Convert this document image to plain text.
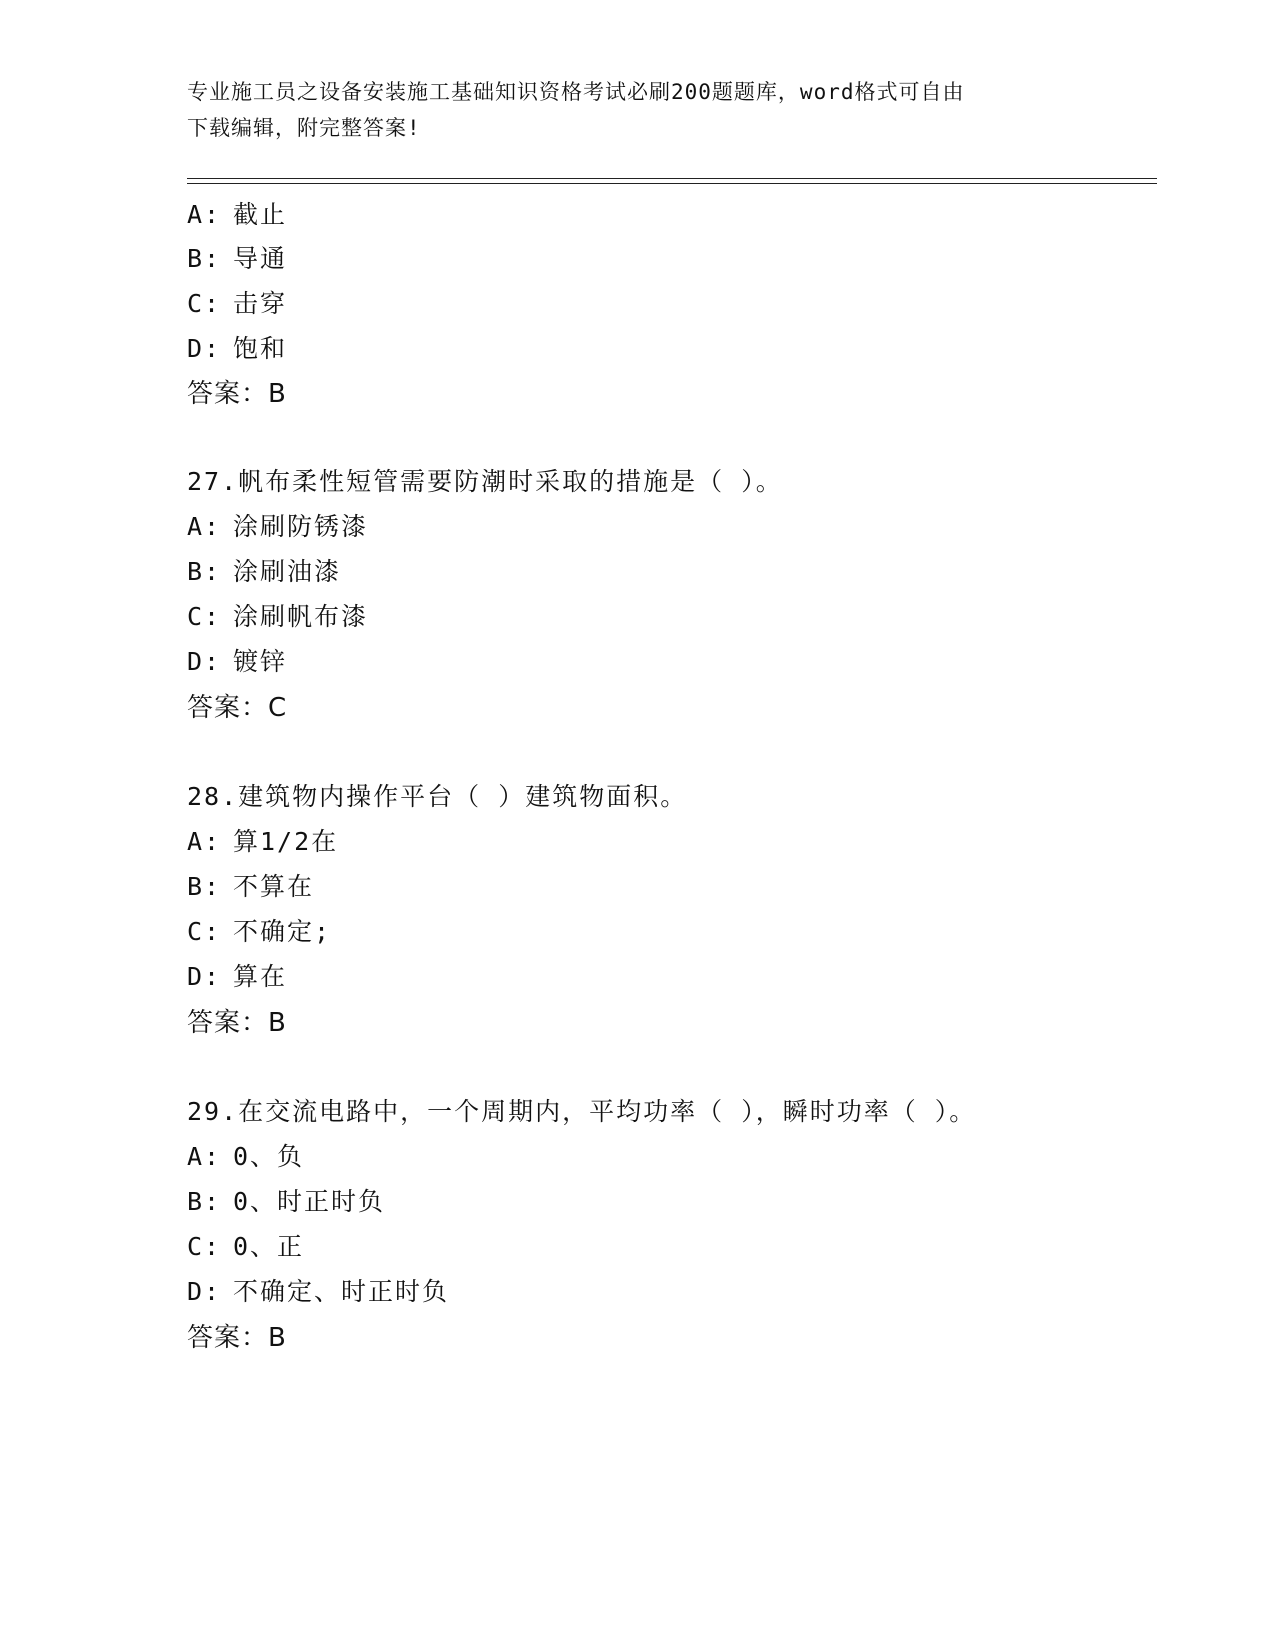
专业施工员之设备安装施工基础知识资格考试必刷200题题库，word格式可自由
下载编辑，附完整答案!
A: 截止
B: 导通
C: 击穿
D: 饱和
答案：B
27.帆布柔性短管需要防潮时采取的措施是（ ）。
A: 涂刷防锈漆
B: 涂刷油漆
C: 涂刷帆布漆
D: 镀锌
答案：C
28.建筑物内操作平台（ ）建筑物面积。
A: 算1/2在
B: 不算在
C: 不确定;
D: 算在
答案：B
29.在交流电路中，一个周期内，平均功率（ ），瞬时功率（ ）。
A: 0、负
B: 0、时正时负
C: 0、正
D: 不确定、时正时负
答案：B
